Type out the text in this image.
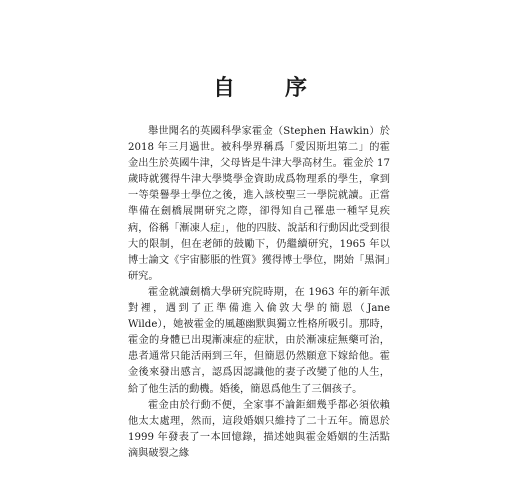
自　序

舉世聞名的英國科學家霍金（Stephen Hawkin）於 2018 年三月過世。被科學界稱爲「愛因斯坦第二」的霍金出生於英國牛津，父母皆是牛津大學高材生。霍金於 17 歲時就獲得牛津大學獎學金資助成爲物理系的學生，拿到一等榮譽學士學位之後，進入該校聖三一學院就讀。正當準備在劍橋展開研究之際，卻得知自己罹患一種罕見疾病，俗稱「漸凍人症」，他的四肢、說話和行動因此受到很大的限制，但在老師的鼓勵下，仍繼續研究，1965 年以博士論文《宇宙膨脹的性質》獲得博士學位，開始「黑洞」研究。

霍金就讀劍橋大學研究院時期，在 1963 年的新年派對裡，遇到了正準備進入倫敦大學的簡恩（Jane Wilde），她被霍金的風趣幽默與獨立性格所吸引。那時，霍金的身體已出現漸凍症的症狀，由於漸凍症無藥可治，患者通常只能活兩到三年，但簡恩仍然願意下嫁給他。霍金後來發出感言，認爲因認識他的妻子改變了他的人生，給了他生活的動機。婚後，簡恩爲他生了三個孩子。

霍金由於行動不便，全家事不論鉅細幾乎都必須依賴他太太處理，然而，這段婚姻只維持了二十五年。簡恩於 1999 年發表了一本回憶錄，描述她與霍金婚姻的生活點滴與破裂之緣
